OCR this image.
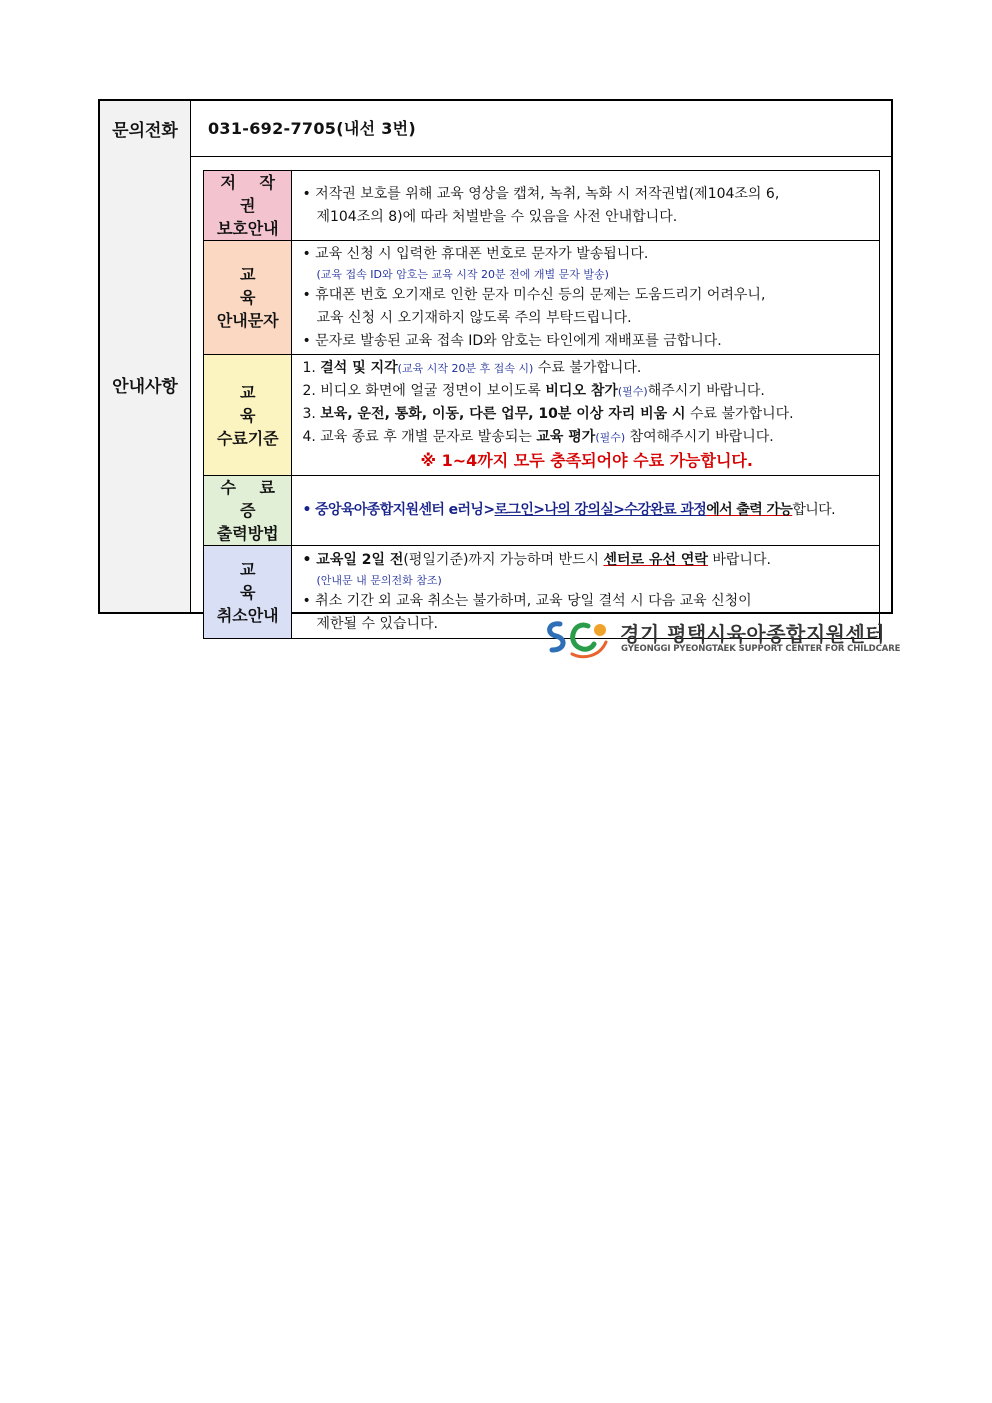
문의전화	031-692-7705(내선 3번)
안내사항
저 작 권
보호안내	• 저작권 보호를 위해 교육 영상을 캡쳐, 녹취, 녹화 시 저작권법(제104조의 6,
제104조의 8)에 따라 처벌받을 수 있음을 사전 안내합니다.

교 육
안내문자	• 교육 신청 시 입력한 휴대폰 번호로 문자가 발송됩니다.
(교육 접속 ID와 암호는 교육 시작 20분 전에 개별 문자 발송)
• 휴대폰 번호 오기재로 인한 문자 미수신 등의 문제는 도움드리기 어려우니,
교육 신청 시 오기재하지 않도록 주의 부탁드립니다.
• 문자로 발송된 교육 접속 ID와 암호는 타인에게 재배포를 금합니다.

교 육
수료기준	1. 결석 및 지각(교육 시작 20분 후 접속 시) 수료 불가합니다.
2. 비디오 화면에 얼굴 정면이 보이도록 비디오 참가(필수)해주시기 바랍니다.
3. 보육, 운전, 통화, 이동, 다른 업무, 10분 이상 자리 비움 시 수료 불가합니다.
4. 교육 종료 후 개별 문자로 발송되는 교육 평가(필수) 참여해주시기 바랍니다.
※ 1~4까지 모두 충족되어야 수료 가능합니다.

수 료 증
출력방법	• 중앙육아종합지원센터 e러닝>로그인>나의 강의실>수강완료 과정에서 출력 가능합니다.

교 육
취소안내	• 교육일 2일 전(평일기준)까지 가능하며 반드시 센터로 유선 연락 바랍니다.
(안내문 내 문의전화 참조)
• 취소 기간 외 교육 취소는 불가하며, 교육 당일 결석 시 다음 교육 신청이
제한될 수 있습니다.	경기 평택시육아종합지원센터
GYEONGGI PYEONGTAEK SUPPORT CENTER FOR CHILDCARE
